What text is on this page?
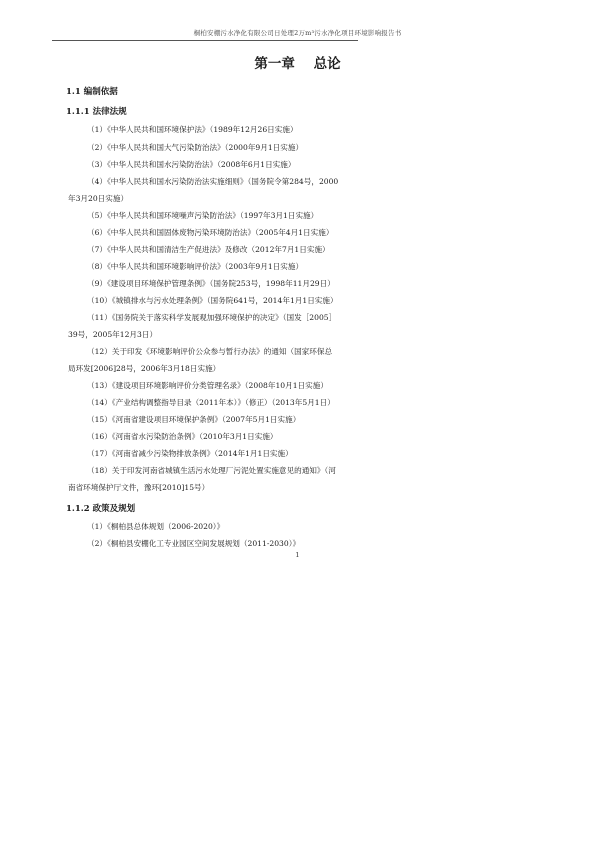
桐柏安棚污水净化有限公司日处理2万m³污水净化项目环境影响报告书
第一章 总论
1.1 编制依据
1.1.1 法律法规
（1）《中华人民共和国环境保护法》（1989年12月26日实施）
（2）《中华人民共和国大气污染防治法》（2000年9月1日实施）
（3）《中华人民共和国水污染防治法》（2008年6月1日实施）
（4）《中华人民共和国水污染防治法实施细则》（国务院令第284号，2000
年3月20日实施）
（5）《中华人民共和国环境噪声污染防治法》（1997年3月1日实施）
（6）《中华人民共和国固体废物污染环境防治法》（2005年4月1日实施）
（7）《中华人民共和国清洁生产促进法》及修改（2012年7月1日实施）
（8）《中华人民共和国环境影响评价法》（2003年9月1日实施）
（9）《建设项目环境保护管理条例》（国务院253号，1998年11月29日）
（10）《城镇排水与污水处理条例》（国务院641号，2014年1月1日实施）
（11）《国务院关于落实科学发展观加强环境保护的决定》（国发［2005］
39号，2005年12月3日）
（12）关于印发《环境影响评价公众参与暂行办法》的通知（国家环保总
局环发[2006]28号，2006年3月18日实施）
（13）《建设项目环境影响评价分类管理名录》（2008年10月1日实施）
（14）《产业结构调整指导目录（2011年本）》（修正）（2013年5月1日）
（15）《河南省建设项目环境保护条例》（2007年5月1日实施）
（16）《河南省水污染防治条例》（2010年3月1日实施）
（17）《河南省减少污染物排放条例》（2014年1月1日实施）
（18）关于印发河南省城镇生活污水处理厂污泥处置实施意见的通知》（河
南省环境保护厅文件，豫环[2010]15号）
1.1.2 政策及规划
（1）《桐柏县总体规划（2006-2020）》
（2）《桐柏县安棚化工专业园区空间发展规划（2011-2030）》
1
